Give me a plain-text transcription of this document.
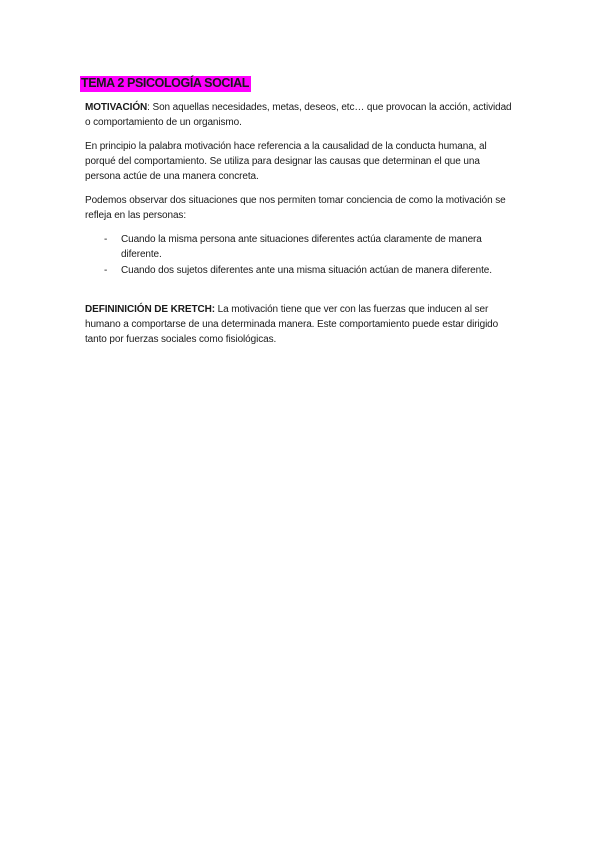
TEMA 2 PSICOLOGÍA SOCIAL

MOTIVACIÓN: Son aquellas necesidades, metas, deseos, etc… que provocan la acción, actividad o comportamiento de un organismo.

En principio la palabra motivación hace referencia a la causalidad de la conducta humana, al porqué del comportamiento. Se utiliza para designar las causas que determinan el que una persona actúe de una manera concreta.

Podemos observar dos situaciones que nos permiten tomar conciencia de como la motivación se refleja en las personas:

- Cuando la misma persona ante situaciones diferentes actúa claramente de manera diferente.
- Cuando dos sujetos diferentes ante una misma situación actúan de manera diferente.

DEFININICIÓN DE KRETCH: La motivación tiene que ver con las fuerzas que inducen al ser humano a comportarse de una determinada manera. Este comportamiento puede estar dirigido tanto por fuerzas sociales como fisiológicas.
